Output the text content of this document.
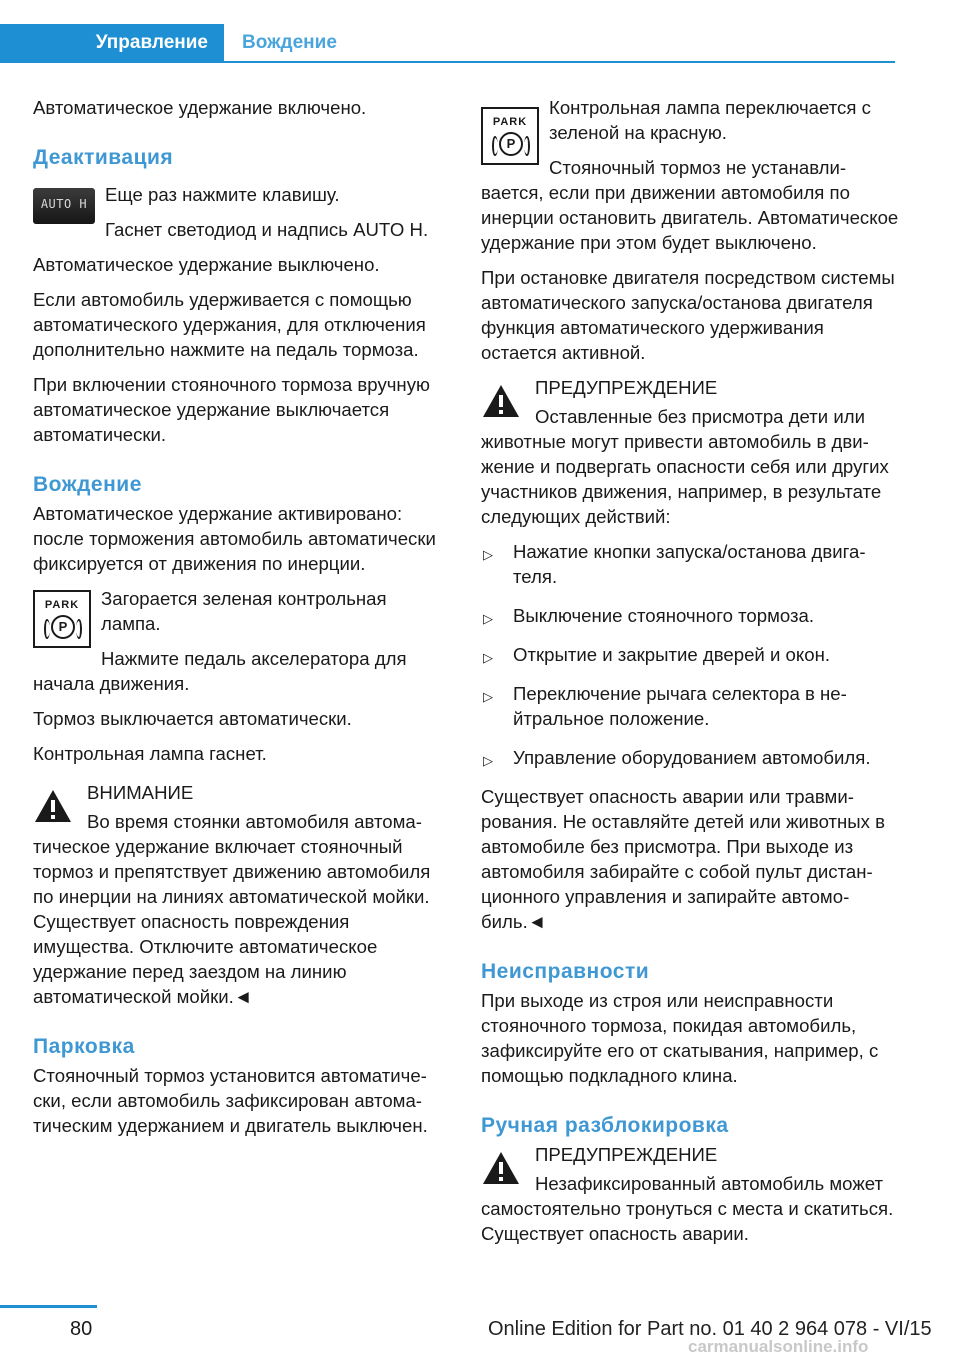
Управление Вождение

Автоматическое удержание включено.

Деактивация
AUTO H Еще раз нажмите клавишу.

Гаснет светодиод и надпись AUTO H.

Автоматическое удержание выключено.

Если автомобиль удерживается с помощью автоматического удержания, для отключения дополнительно нажмите на педаль тормоза.

При включении стояночного тормоза вручную автоматическое удержание выключается автоматически.

Вождение

Автоматическое удержание активировано: после торможения автомобиль автоматически фиксируется от движения по инерции.

PARK
P

Загорается зеленая контрольная лампа.

Нажмите педаль акселератора для начала движения.

Тормоз выключается автоматически.

Контрольная лампа гаснет.

ВНИМАНИЕ

Во время стоянки автомобиля автоматическое удержание включает стояночный тормоз и препятствует движению автомобиля по инерции на линиях автоматической мойки. Существует опасность повреждения имущества. Отключите автоматическое удержание перед заездом на линию автоматической мойки.◄

Парковка

Стояночный тормоз установится автоматически, если автомобиль зафиксирован автоматическим удержанием и двигатель выключен.

PARK
P

Контрольная лампа переключается с зеленой на красную.

Стояночный тормоз не устанавливается, если при движении автомобиля по инерции остановить двигатель. Автоматическое удержание при этом будет выключено.

При остановке двигателя посредством системы автоматического запуска/останова двигателя функция автоматического удерживания остается активной.

ПРЕДУПРЕЖДЕНИЕ

Оставленные без присмотра дети или животные могут привести автомобиль в движение и подвергать опасности себя или других участников движения, например, в результате следующих действий:

▷ Нажатие кнопки запуска/останова двигателя.
▷ Выключение стояночного тормоза.
▷ Открытие и закрытие дверей и окон.
▷ Переключение рычага селектора в нейтральное положение.
▷ Управление оборудованием автомобиля.

Существует опасность аварии или травмирования. Не оставляйте детей или животных в автомобиле без присмотра. При выходе из автомобиля забирайте с собой пульт дистанционного управления и запирайте автомобиль.◄

Неисправности

При выходе из строя или неисправности стояночного тормоза, покидая автомобиль, зафиксируйте его от скатывания, например, с помощью подкладного клина.

Ручная разблокировка

ПРЕДУПРЕЖДЕНИЕ

Незафиксированный автомобиль может самостоятельно тронуться с места и скатиться. Существует опасность аварии.

80	Online Edition for Part no. 01 40 2 964 078 - VI/15
carmanualsonline.info
